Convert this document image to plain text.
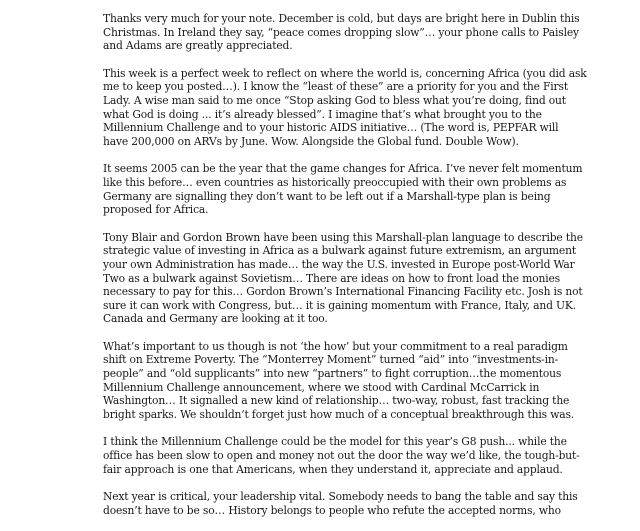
Thanks very much for your note. December is cold, but days are bright here in Dublin this
Christmas. In Ireland they say, “peace comes dropping slow”… your phone calls to Paisley
and Adams are greatly appreciated.

This week is a perfect week to reflect on where the world is, concerning Africa (you did ask
me to keep you posted…). I know the “least of these” are a priority for you and the First
Lady. A wise man said to me once “Stop asking God to bless what you’re doing, find out
what God is doing ... it’s already blessed”. I imagine that’s what brought you to the
Millennium Challenge and to your historic AIDS initiative… (The word is, PEPFAR will
have 200,000 on ARVs by June. Wow. Alongside the Global fund. Double Wow).

It seems 2005 can be the year that the game changes for Africa. I’ve never felt momentum
like this before… even countries as historically preoccupied with their own problems as
Germany are signalling they don’t want to be left out if a Marshall-type plan is being
proposed for Africa.

Tony Blair and Gordon Brown have been using this Marshall-plan language to describe the
strategic value of investing in Africa as a bulwark against future extremism, an argument
your own Administration has made… the way the U.S. invested in Europe post-World War
Two as a bulwark against Sovietism… There are ideas on how to front load the monies
necessary to pay for this… Gordon Brown’s International Financing Facility etc. Josh is not
sure it can work with Congress, but… it is gaining momentum with France, Italy, and UK.
Canada and Germany are looking at it too.

What’s important to us though is not ‘the how’ but your commitment to a real paradigm
shift on Extreme Poverty. The “Monterrey Moment” turned “aid” into “investments-in-
people” and “old supplicants” into new “partners” to fight corruption…the momentous
Millennium Challenge announcement, where we stood with Cardinal McCarrick in
Washington… It signalled a new kind of relationship… two-way, robust, fast tracking the
bright sparks. We shouldn’t forget just how much of a conceptual breakthrough this was.

I think the Millennium Challenge could be the model for this year’s G8 push... while the
office has been slow to open and money not out the door the way we’d like, the tough-but-
fair approach is one that Americans, when they understand it, appreciate and applaud.

Next year is critical, your leadership vital. Somebody needs to bang the table and say this
doesn’t have to be so… History belongs to people who refute the accepted norms, who
